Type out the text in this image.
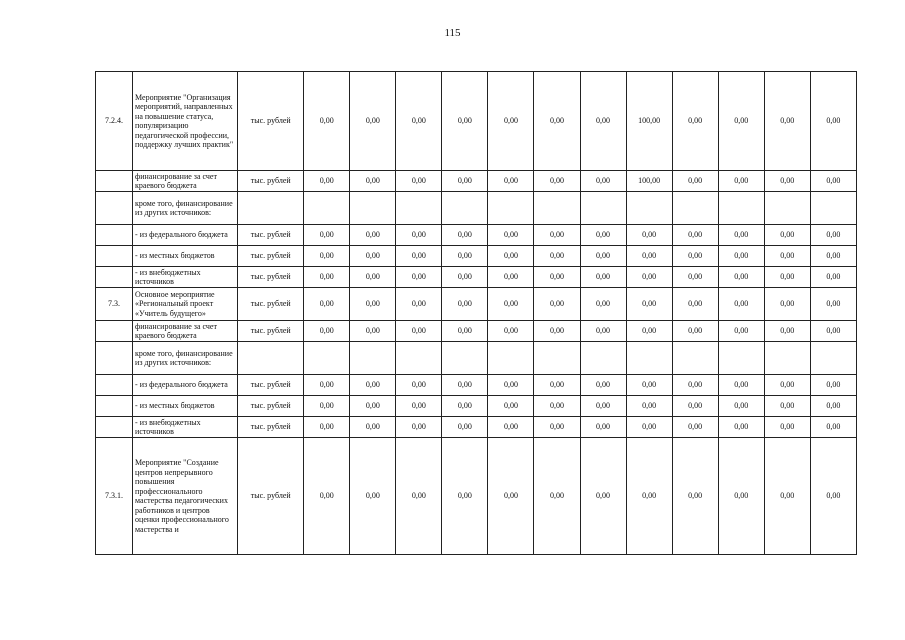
115
7.2.4.	Мероприятие "Организация мероприятий, направленных на повышение статуса, популяризацию педагогической профессии, поддержку лучших практик"	тыс. рублей	0,00	0,00	0,00	0,00	0,00	0,00	0,00	100,00	0,00	0,00	0,00	0,00
	финансирование за счет краевого бюджета	тыс. рублей	0,00	0,00	0,00	0,00	0,00	0,00	0,00	100,00	0,00	0,00	0,00	0,00
	кроме того, финансирование из других источников:													
	- из федерального бюджета	тыс. рублей	0,00	0,00	0,00	0,00	0,00	0,00	0,00	0,00	0,00	0,00	0,00	0,00
	- из местных бюджетов	тыс. рублей	0,00	0,00	0,00	0,00	0,00	0,00	0,00	0,00	0,00	0,00	0,00	0,00
	- из внебюджетных источников	тыс. рублей	0,00	0,00	0,00	0,00	0,00	0,00	0,00	0,00	0,00	0,00	0,00	0,00
7.3.	Основное мероприятие «Региональный проект «Учитель будущего»	тыс. рублей	0,00	0,00	0,00	0,00	0,00	0,00	0,00	0,00	0,00	0,00	0,00	0,00
	финансирование за счет краевого бюджета	тыс. рублей	0,00	0,00	0,00	0,00	0,00	0,00	0,00	0,00	0,00	0,00	0,00	0,00
	кроме того, финансирование из других источников:													
	- из федерального бюджета	тыс. рублей	0,00	0,00	0,00	0,00	0,00	0,00	0,00	0,00	0,00	0,00	0,00	0,00
	- из местных бюджетов	тыс. рублей	0,00	0,00	0,00	0,00	0,00	0,00	0,00	0,00	0,00	0,00	0,00	0,00
	- из внебюджетных источников	тыс. рублей	0,00	0,00	0,00	0,00	0,00	0,00	0,00	0,00	0,00	0,00	0,00	0,00
7.3.1.	Мероприятие "Создание центров непрерывного повышения профессионального мастерства педагогических работников и центров оценки профессионального мастерства и	тыс. рублей	0,00	0,00	0,00	0,00	0,00	0,00	0,00	0,00	0,00	0,00	0,00	0,00
